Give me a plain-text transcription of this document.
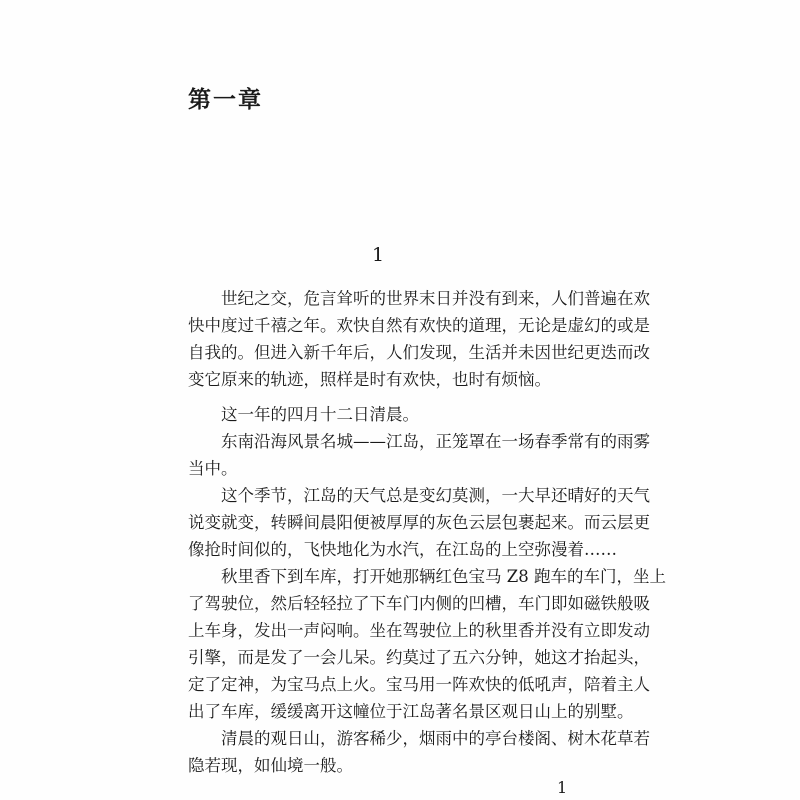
第一章
1

世纪之交，危言耸听的世界末日并没有到来，人们普遍在欢
快中度过千禧之年。欢快自然有欢快的道理，无论是虚幻的或是
自我的。但进入新千年后，人们发现，生活并未因世纪更迭而改
变它原来的轨迹，照样是时有欢快，也时有烦恼。

这一年的四月十二日清晨。

东南沿海风景名城——江岛，正笼罩在一场春季常有的雨雾
当中。

这个季节，江岛的天气总是变幻莫测，一大早还晴好的天气
说变就变，转瞬间晨阳便被厚厚的灰色云层包裹起来。而云层更
像抢时间似的，飞快地化为水汽，在江岛的上空弥漫着……

秋里香下到车库，打开她那辆红色宝马 Z8 跑车的车门，坐上
了驾驶位，然后轻轻拉了下车门内侧的凹槽，车门即如磁铁般吸
上车身，发出一声闷响。坐在驾驶位上的秋里香并没有立即发动
引擎，而是发了一会儿呆。约莫过了五六分钟，她这才抬起头，
定了定神，为宝马点上火。宝马用一阵欢快的低吼声，陪着主人
出了车库，缓缓离开这幢位于江岛著名景区观日山上的别墅。

清晨的观日山，游客稀少，烟雨中的亭台楼阁、树木花草若
隐若现，如仙境一般。

1
